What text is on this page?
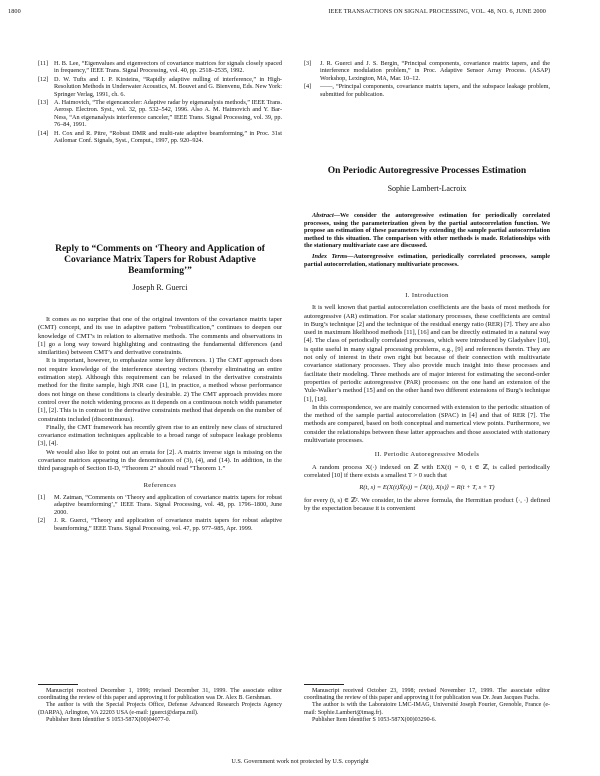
1800	IEEE TRANSACTIONS ON SIGNAL PROCESSING, VOL. 48, NO. 6, JUNE 2000
[11] H. B. Lee, “Eigenvalues and eigenvectors of covariance matrices for signals closely spaced in frequency,” IEEE Trans. Signal Processing, vol. 40, pp. 2518–2535, 1992.
[12] D. W. Tufts and I. P. Kirsteins, “Rapidly adaptive nulling of interference,” in High-Resolution Methods in Underwater Acoustics, M. Bouvet and G. Bienvenu, Eds. New York: Springer Verlag, 1991, ch. 6.
[13] A. Haimovich, “The eigencanceler: Adaptive radar by eigenanalysis methods,” IEEE Trans. Aerosp. Electron. Syst., vol. 32, pp. 532–542, 1996. Also A. M. Haimovich and Y. Bar-Ness, “An eigenanalysis interference canceler,” IEEE Trans. Signal Processing, vol. 39, pp. 76–84, 1991.
[14] H. Cox and R. Pitre, “Robust DMR and multi-rate adaptive beamforming,” in Proc. 31st Asilomar Conf. Signals, Syst., Comput., 1997, pp. 920–924.
Reply to “Comments on ‘Theory and Application of Covariance Matrix Tapers for Robust Adaptive Beamforming’”
Joseph R. Guerci

It comes as no surprise that one of the original inventors of the covariance matrix taper (CMT) concept, and its use in adaptive pattern “robustification,” continues to deepen our knowledge of CMT’s in relation to alternative methods. The comments and observations in [1] go a long way toward highlighting and contrasting the fundamental differences (and similarities) between CMT’s and derivative constraints.

It is important, however, to emphasize some key differences. 1) The CMT approach does not require knowledge of the interference steering vectors (thereby eliminating an entire estimation step). Although this requirement can be relaxed in the derivative constraints method for the finite sample, high JNR case [1], in practice, a method whose performance does not hinge on these conditions is clearly desirable. 2) The CMT approach provides more control over the notch widening process as it depends on a continuous notch width parameter [1], [2]. This is in contrast to the derivative constraints method that depends on the number of constraints included (discontinuous).

Finally, the CMT framework has recently given rise to an entirely new class of structured covariance estimation techniques applicable to a broad range of subspace leakage problems [3], [4].

We would also like to point out an errata for [2]. A matrix inverse sign is missing on the covariance matrices appearing in the denominators of (3), (4), and (14). In addition, in the third paragraph of Section II-D, “Theorem 2” should read “Theorem 1.”

References
[1]	M. Zatman, “Comments on ‘Theory and application of covariance matrix tapers for robust adaptive beamforming’,” IEEE Trans. Signal Processing, vol. 48, pp. 1796–1800, June 2000.
[2]	J. R. Guerci, “Theory and application of covariance matrix tapers for robust adaptive beamforming,” IEEE Trans. Signal Processing, vol. 47, pp. 977–985, Apr. 1999.

Manuscript received December 1, 1999; revised December 31, 1999. The associate editor coordinating the review of this paper and approving it for publication was Dr. Alex B. Gershman.

The author is with the Special Projects Office, Defense Advanced Research Projects Agency (DARPA), Arlington, VA 22203 USA (e-mail: jguerci@darpa.mil).

Publisher Item Identifier S 1053-587X(00)04077-0.

[3]	J. R. Guerci and J. S. Bergin, “Principal components, covariance matrix tapers, and the interference modulation problem,” in Proc. Adaptive Sensor Array Process. (ASAP) Workshop, Lexington, MA, Mar. 10–12.
[4]	——, “Principal components, covariance matrix tapers, and the subspace leakage problem, submitted for publication.
On Periodic Autoregressive Processes Estimation
Sophie Lambert-Lacroix

Abstract—We consider the autoregressive estimation for periodically correlated processes, using the parameterization given by the partial autocorrelation function. We propose an estimation of these parameters by extending the sample partial autocorrelation method to this situation. The comparison with other methods is made. Relationships with the stationary multivariate case are discussed.

Index Terms—Autoregressive estimation, periodically correlated processes, sample partial autocorrelation, stationary multivariate processes.

I. Introduction

It is well known that partial autocorrelation coefficients are the basis of most methods for autoregressive (AR) estimation. For scalar stationary processes, these coefficients are central in Burg’s technique [2] and the technique of the residual energy ratio (RER) [7]. They are also used in maximum likelihood methods [11], [16] and can be directly estimated in a natural way [4]. The class of periodically correlated processes, which were introduced by Gladyshev [10], is quite useful in many signal processing problems, e.g., [9] and references therein. They are not only of interest in their own right but because of their connection with multivariate covariance stationary processes. They also provide much insight into these processes and facilitate their modeling. Three methods are of major interest for estimating the second-order properties of periodic autoregressive (PAR) processes: on the one hand an extension of the Yule-Walker’s method [15] and on the other hand two different extensions of Burg’s technique [1], [18].

In this correspondence, we are mainly concerned with extension to the periodic situation of the method of the sample partial autocorrelation (SPAC) in [4] and that of RER [7]. The methods are compared, based on both conceptual and numerical view points. Furthermore, we consider the relationships between these latter approaches and those associated with stationary multivariate processes.

II. Periodic Autoregressive Models

A random process X(·) indexed on ℤ with EX(t) = 0, t ∈ ℤ, is called periodically correlated [10] if there exists a smallest T > 0 such that

R(t, s) = E(X(t)X̅(s)) = ⟨X(t), X(s)⟩ = R(t + T, s + T)

for every (t, s) ∈ ℤ². We consider, in the above formula, the Hermitian product ⟨·, ·⟩ defined by the expectation because it is convenient

Manuscript received October 23, 1998; revised November 17, 1999. The associate editor coordinating the review of this paper and approving it for publication was Dr. Jean Jacques Fuchs.

The author is with the Laboratoire LMC-IMAG, Université Joseph Fourier, Grenoble, France (e-mail: Sophie.Lambert@imag.fr).

Publisher Item Identifier S 1053-587X(00)03290-6.

U.S. Government work not protected by U.S. copyright
